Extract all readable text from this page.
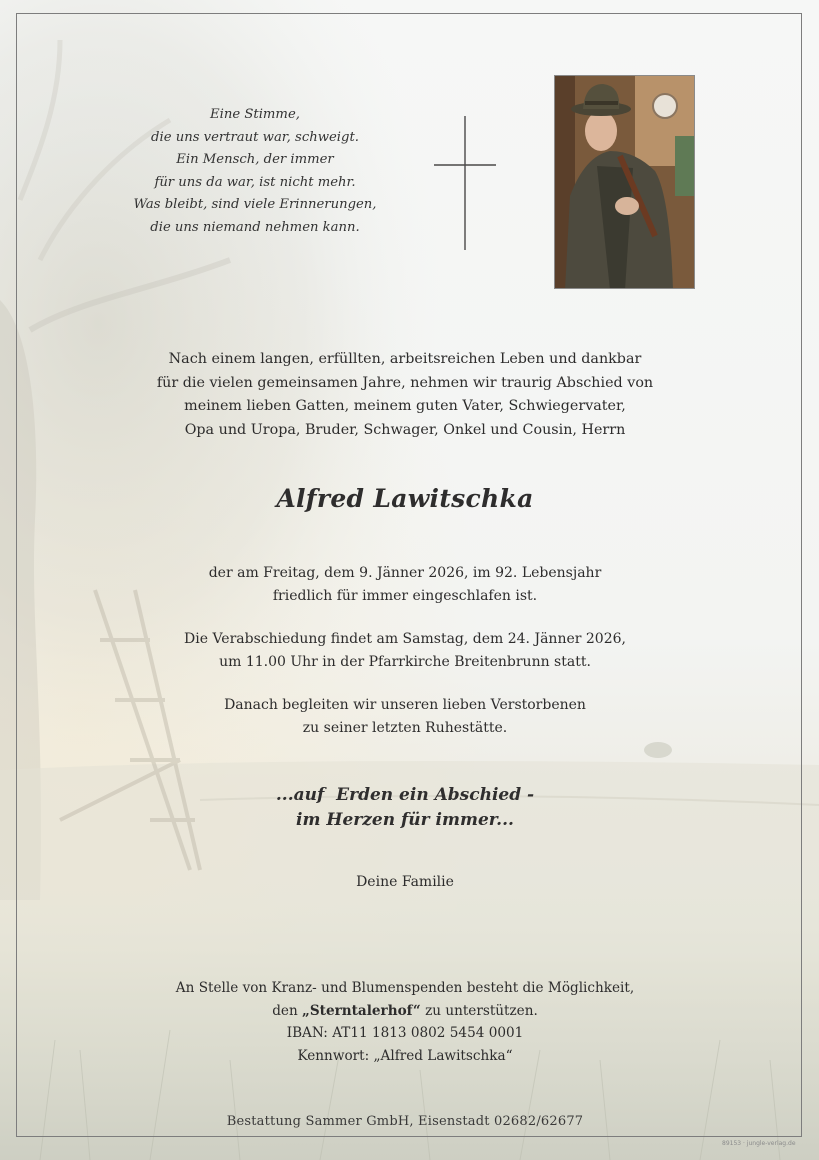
Eine Stimme,
die uns vertraut war, schweigt.
Ein Mensch, der immer
für uns da war, ist nicht mehr.
Was bleibt, sind viele Erinnerungen,
die uns niemand nehmen kann.
Nach einem langen, erfüllten, arbeitsreichen Leben und dankbar
für die vielen gemeinsamen Jahre, nehmen wir traurig Abschied von
meinem lieben Gatten, meinem guten Vater, Schwiegervater,
Opa und Uropa, Bruder, Schwager, Onkel und Cousin, Herrn
Alfred Lawitschka
der am Freitag, dem 9. Jänner 2026, im 92. Lebensjahr
friedlich für immer eingeschlafen ist.
Die Verabschiedung findet am Samstag, dem 24. Jänner 2026,
um 11.00 Uhr in der Pfarrkirche Breitenbrunn statt.
Danach begleiten wir unseren lieben Verstorbenen
zu seiner letzten Ruhestätte.
...auf  Erden ein Abschied -
im Herzen für immer...
Deine Familie
An Stelle von Kranz- und Blumenspenden besteht die Möglichkeit,
den „Sterntalerhof“ zu unterstützen.
IBAN: AT11 1813 0802 5454 0001
Kennwort: „Alfred Lawitschka“
Bestattung Sammer GmbH, Eisenstadt 02682/62677
89153 · jungle-verlag.de
